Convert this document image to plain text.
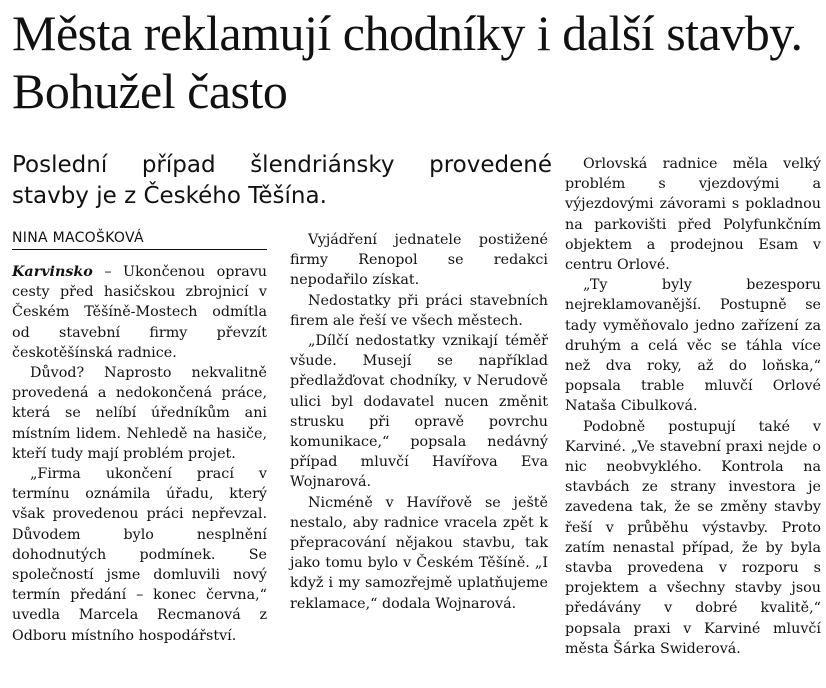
Města reklamují chodníky i další stavby. Bohužel často
Poslední případ šlendriánsky provedené stavby je z Českého Těšína.
NINA MACOŠKOVÁ

Karvinsko – Ukončenou opravu cesty před hasičskou zbrojnicí v Českém Těšíně-Mostech odmítla od stavební firmy převzít českotěšínská radnice.

Důvod? Naprosto nekvalitně provedená a nedokončená práce, která se nelíbí úředníkům ani místním lidem. Nehledě na hasiče, kteří tudy mají problém projet.

„Firma ukončení prací v termínu oznámila úřadu, který však provedenou práci nepřevzal. Důvodem bylo nesplnění dohodnutých podmínek. Se společností jsme domluvili nový termín předání – konec června,“ uvedla Marcela Recmanová z Odboru místního hospodářství.

Vyjádření jednatele postižené firmy Renopol se redakci nepodařilo získat.

Nedostatky při práci stavebních firem ale řeší ve všech městech.

„Dílčí nedostatky vznikají téměř všude. Musejí se například předlažďovat chodníky, v Nerudově ulici byl dodavatel nucen změnit strusku při opravě povrchu komunikace,“ popsala nedávný případ mluvčí Havířova Eva Wojnarová.

Nicméně v Havířově se ještě nestalo, aby radnice vracela zpět k přepracování nějakou stavbu, tak jako tomu bylo v Českém Těšíně. „I když i my samozřejmě uplatňujeme reklamace,“ dodala Wojnarová.

Orlovská radnice měla velký problém s vjezdovými a výjezdovými závorami s pokladnou na parkovišti před Polyfunkčním objektem a prodejnou Esam v centru Orlové.

„Ty byly bezesporu nejreklamovanější. Postupně se tady vyměňovalo jedno zařízení za druhým a celá věc se táhla více než dva roky, až do loňska,“ popsala trable mluvčí Orlové Nataša Cibulková.

Podobně postupují také v Karviné. „Ve stavební praxi nejde o nic neobvyklého. Kontrola na stavbách ze strany investora je zavedena tak, že se změny stavby řeší v průběhu výstavby. Proto zatím nenastal případ, že by byla stavba provedena v rozporu s projektem a všechny stavby jsou předávány v dobré kvalitě,“ popsala praxi v Karviné mluvčí města Šárka Swiderová.
